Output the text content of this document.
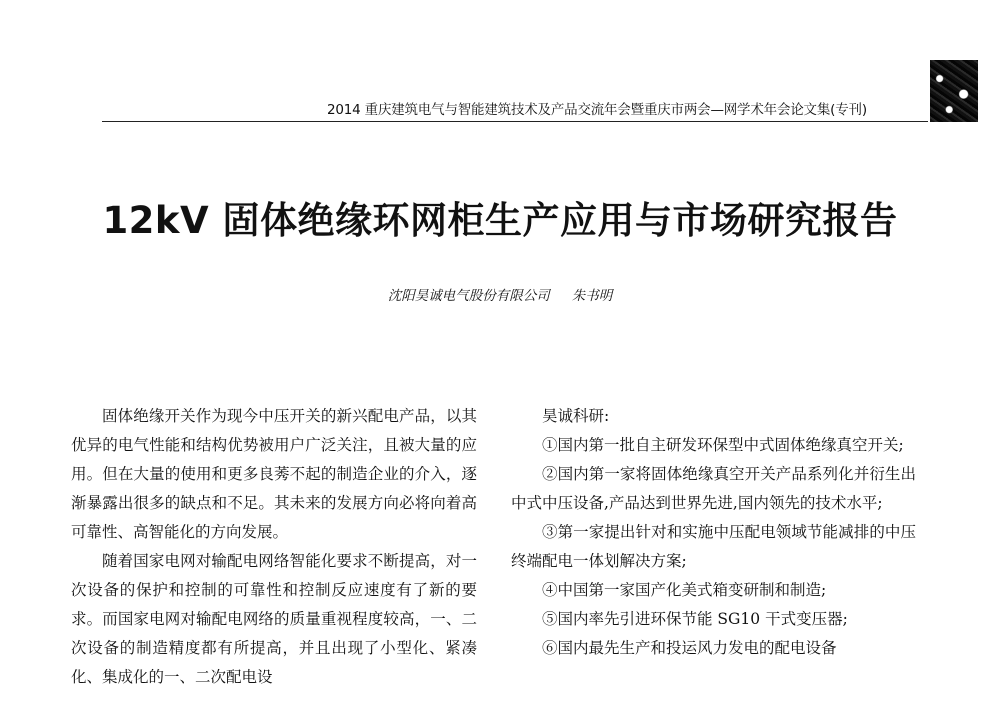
2014 重庆建筑电气与智能建筑技术及产品交流年会暨重庆市两会—网学术年会论文集(专刊)
12kV 固体绝缘环网柜生产应用与市场研究报告
沈阳昊诚电气股份有限公司 朱书明

固体绝缘开关作为现今中压开关的新兴配电产品，以其优异的电气性能和结构优势被用户广泛关注，且被大量的应用。但在大量的使用和更多良莠不起的制造企业的介入，逐渐暴露出很多的缺点和不足。其未来的发展方向必将向着高可靠性、高智能化的方向发展。

随着国家电网对输配电网络智能化要求不断提高，对一次设备的保护和控制的可靠性和控制反应速度有了新的要求。而国家电网对输配电网络的质量重视程度较高，一、二次设备的制造精度都有所提高，并且出现了小型化、紧凑化、集成化的一、二次配电设

昊诚科研:

①国内第一批自主研发环保型中式固体绝缘真空开关;

②国内第一家将固体绝缘真空开关产品系列化并衍生出中式中压设备,产品达到世界先进,国内领先的技术水平;

③第一家提出针对和实施中压配电领域节能减排的中压终端配电一体划解决方案;

④中国第一家国产化美式箱变研制和制造;

⑤国内率先引进环保节能 SG10 干式变压器;

⑥国内最先生产和投运风力发电的配电设备
